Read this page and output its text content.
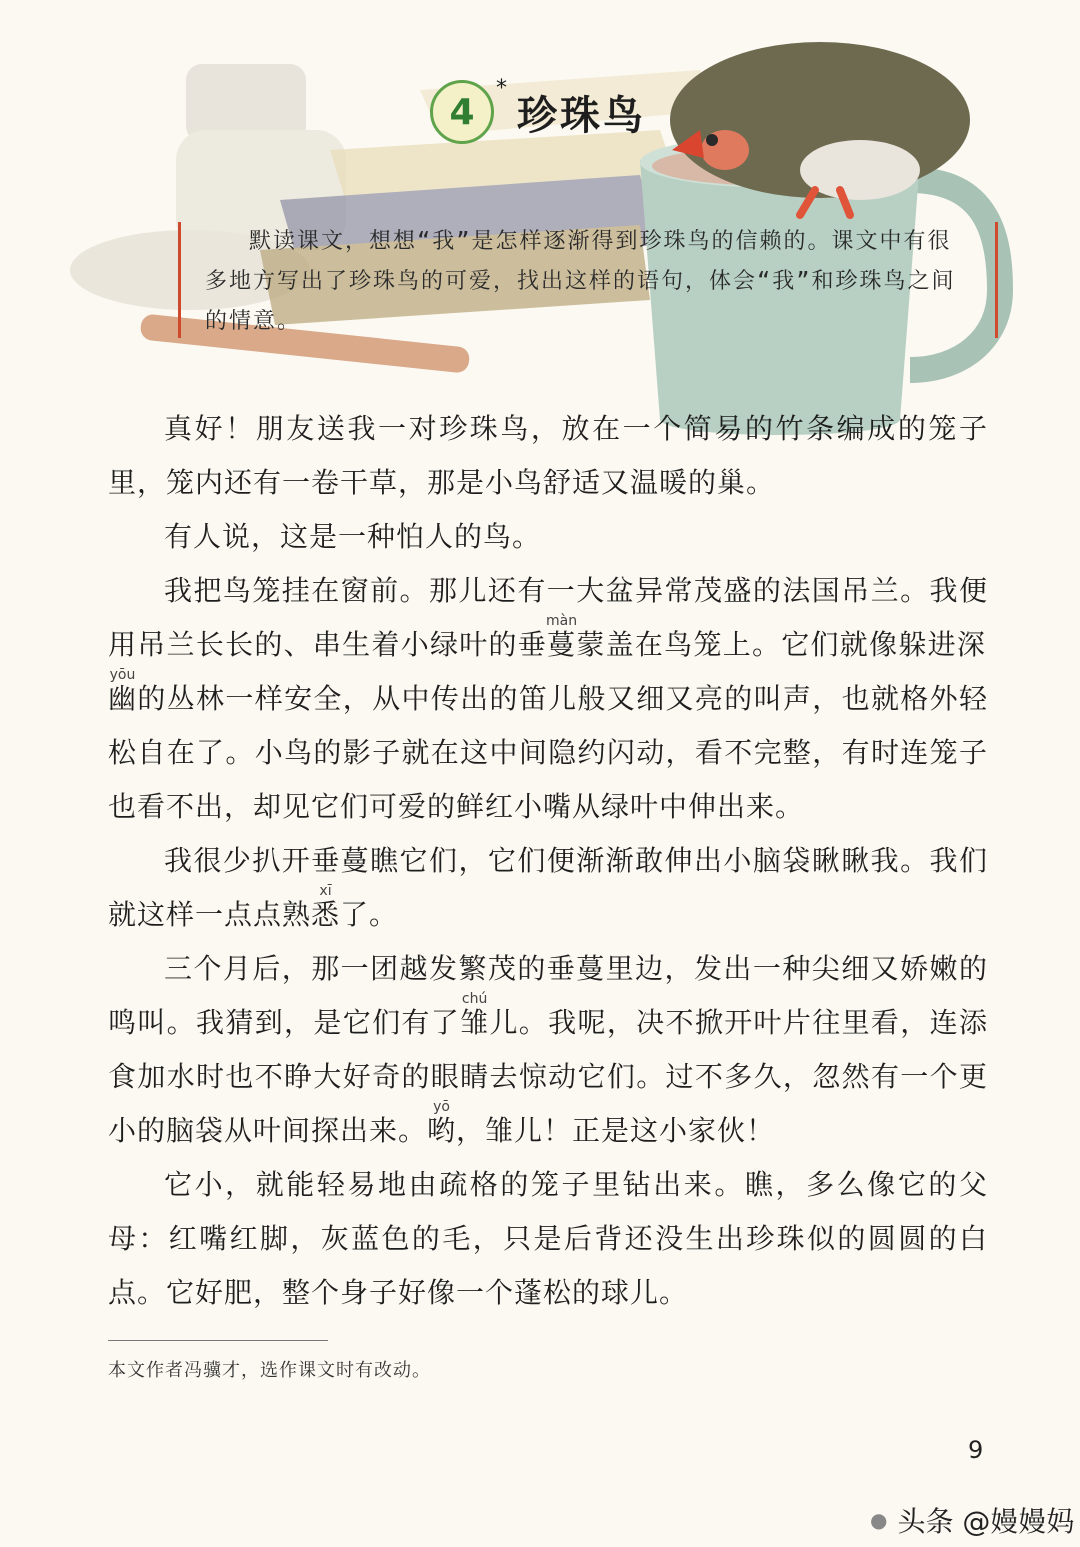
4
*
珍珠鸟

默读课文，想想“我”是怎样逐渐得到珍珠鸟的信赖的。课文中有很多地方写出了珍珠鸟的可爱，找出这样的语句，体会“我”和珍珠鸟之间的情意。

真好！朋友送我一对珍珠鸟，放在一个简易的竹条编成的笼子里，笼内还有一卷干草，那是小鸟舒适又温暖的巢。

有人说，这是一种怕人的鸟。

我把鸟笼挂在窗前。那儿还有一大盆异常茂盛的法国吊兰。我便用吊兰长长的、串生着小绿叶的垂蔓màn蒙盖在鸟笼上。它们就像躲进深幽yōu的丛林一样安全，从中传出的笛儿般又细又亮的叫声，也就格外轻松自在了。小鸟的影子就在这中间隐约闪动，看不完整，有时连笼子也看不出，却见它们可爱的鲜红小嘴从绿叶中伸出来。

我很少扒开垂蔓瞧它们，它们便渐渐敢伸出小脑袋瞅瞅我。我们就这样一点点熟悉xī了。

三个月后，那一团越发繁茂的垂蔓里边，发出一种尖细又娇嫩的鸣叫。我猜到，是它们有了雏chú儿。我呢，决不掀开叶片往里看，连添食加水时也不睁大好奇的眼睛去惊动它们。过不多久，忽然有一个更小的脑袋从叶间探出来。哟yō，雏儿！正是这小家伙！

它小，就能轻易地由疏格的笼子里钻出来。瞧，多么像它的父母：红嘴红脚，灰蓝色的毛，只是后背还没生出珍珠似的圆圆的白点。它好肥，整个身子好像一个蓬松的球儿。

本文作者冯骥才，选作课文时有改动。
9
● 头条 @嫚嫚妈
